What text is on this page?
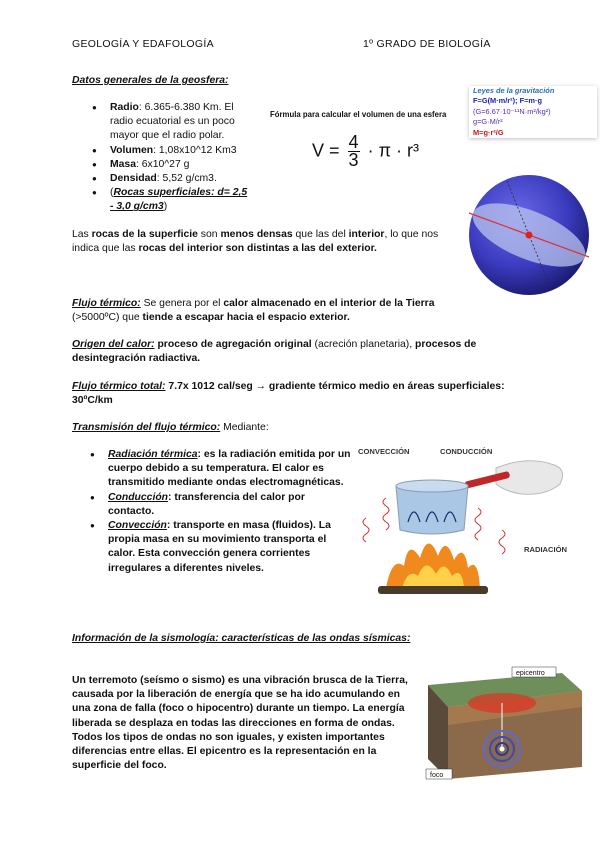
GEOLOGÍA Y EDAFOLOGÍA	1º GRADO DE BIOLOGÍA

Datos generales de la geosfera:

● Radio: 6.365-6.380 Km. El radio ecuatorial es un poco mayor que el radio polar.
● Volumen: 1,08x10^12 Km3
● Masa: 6x10^27 g
● Densidad: 5,52 g/cm3.
● (Rocas superficiales: d= 2,5 - 3,0 g/cm3)
Fórmula para calcular el volumen de una esfera
$V = \frac{4}{3} \cdot \pi \cdot r^3$
Leyes de la gravitación
F=G(M·m/r²); F=m·g
(G=6.67·10⁻¹¹N·m²/kg²)
g=G·M/r²
M=g·r²/G

Las rocas de la superficie son menos densas que las del interior, lo que nos indica que las rocas del interior son distintas a las del exterior.

Flujo térmico: Se genera por el calor almacenado en el interior de la Tierra (>5000ºC) que tiende a escapar hacia el espacio exterior.

Origen del calor: proceso de agregación original (acreción planetaria), procesos de desintegración radiactiva.

Flujo térmico total: 7.7x 1012 cal/seg → gradiente térmico medio en áreas superficiales: 30ºC/km

Transmisión del flujo térmico: Mediante:

● Radiación térmica: es la radiación emitida por un cuerpo debido a su temperatura. El calor es transmitido mediante ondas electromagnéticas.
● Conducción: transferencia del calor por contacto.
● Convección: transporte en masa (fluidos). La propia masa en su movimiento transporta el calor. Esta convección genera corrientes irregulares a diferentes niveles.
CONVECCIÓN	CONDUCCIÓN
RADIACIÓN

Información de la sismología: características de las ondas sísmicas:

Un terremoto (seísmo o sismo) es una vibración brusca de la Tierra, causada por la liberación de energía que se ha ido acumulando en una zona de falla (foco o hipocentro) durante un tiempo. La energía liberada se desplaza en todas las direcciones en forma de ondas. Todos los tipos de ondas no son iguales, y existen importantes diferencias entre ellas. El epicentro es la representación en la superficie del foco.

epicentro
foco
